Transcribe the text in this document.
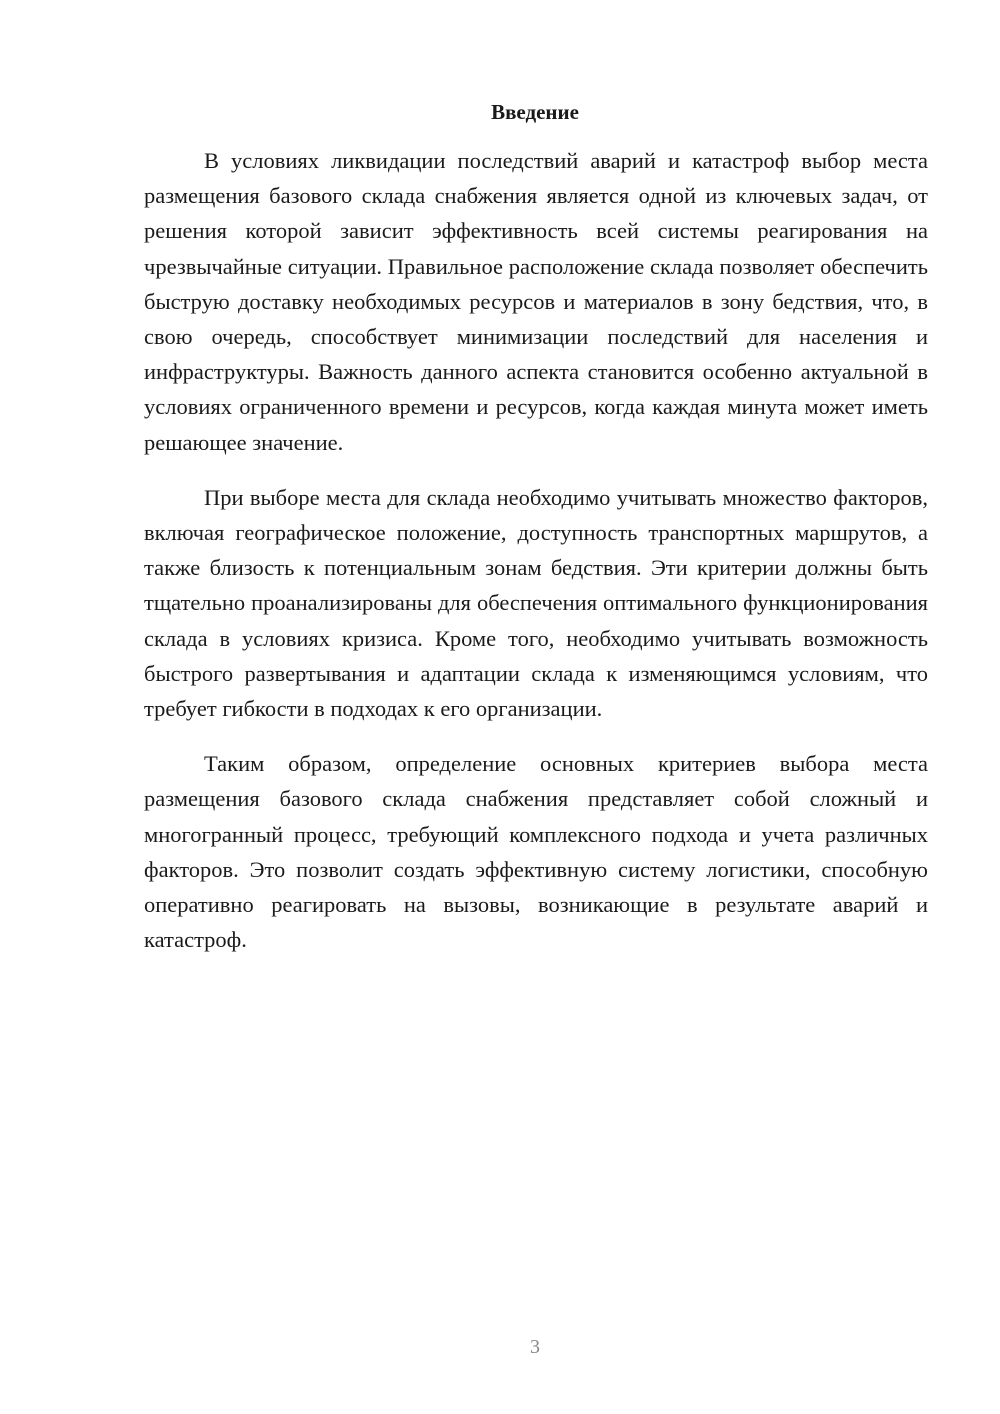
Введение

В условиях ликвидации последствий аварий и катастроф выбор места размещения базового склада снабжения является одной из ключевых задач, от решения которой зависит эффективность всей системы реагирования на чрезвычайные ситуации. Правильное расположение склада позволяет обеспечить быструю доставку необходимых ресурсов и материалов в зону бедствия, что, в свою очередь, способствует минимизации последствий для населения и инфраструктуры. Важность данного аспекта становится особенно актуальной в условиях ограниченного времени и ресурсов, когда каждая минута может иметь решающее значение.

При выборе места для склада необходимо учитывать множество факторов, включая географическое положение, доступность транспортных маршрутов, а также близость к потенциальным зонам бедствия. Эти критерии должны быть тщательно проанализированы для обеспечения оптимального функционирования склада в условиях кризиса. Кроме того, необходимо учитывать возможность быстрого развертывания и адаптации склада к изменяющимся условиям, что требует гибкости в подходах к его организации.

Таким образом, определение основных критериев выбора места размещения базового склада снабжения представляет собой сложный и многогранный процесс, требующий комплексного подхода и учета различных факторов. Это позволит создать эффективную систему логистики, способную оперативно реагировать на вызовы, возникающие в результате аварий и катастроф.

3
